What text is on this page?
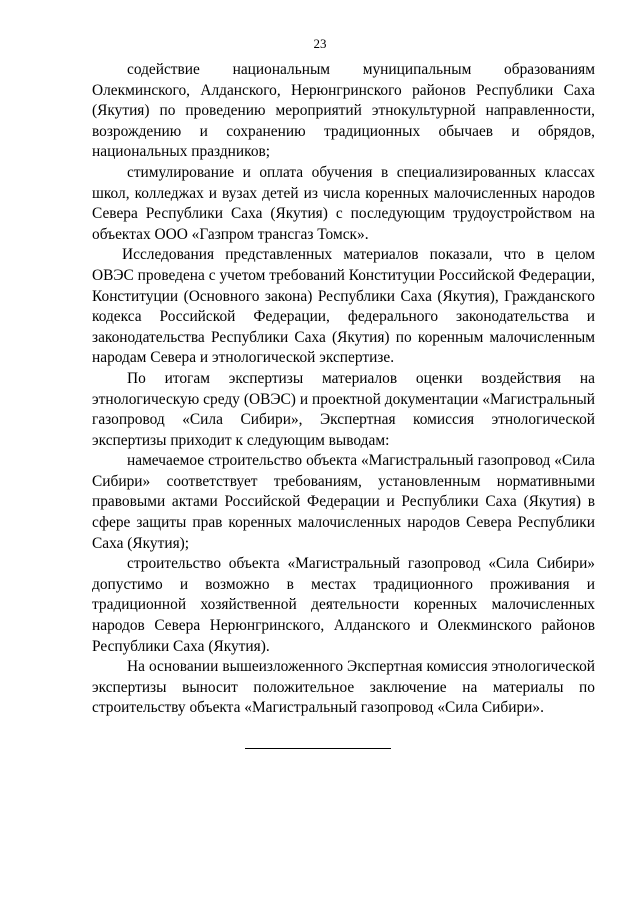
23

содействие национальным муниципальным образованиям Олекминского, Алданского, Нерюнгринского районов Республики Саха (Якутия) по проведению мероприятий этнокультурной направленности, возрождению и сохранению традиционных обычаев и обрядов, национальных праздников;

стимулирование и оплата обучения в специализированных классах школ, колледжах и вузах детей из числа коренных малочисленных народов Севера Республики Саха (Якутия) с последующим трудоустройством на объектах ООО «Газпром трансгаз Томск».

Исследования представленных материалов показали, что в целом ОВЭС проведена с учетом требований Конституции Российской Федерации, Конституции (Основного закона) Республики Саха (Якутия), Гражданского кодекса Российской Федерации, федерального законодательства и законодательства Республики Саха (Якутия) по коренным малочисленным народам Севера и этнологической экспертизе.

По итогам экспертизы материалов оценки воздействия на этнологическую среду (ОВЭС) и проектной документации «Магистральный газопровод «Сила Сибири», Экспертная комиссия этнологической экспертизы приходит к следующим выводам:

намечаемое строительство объекта «Магистральный газопровод «Сила Сибири» соответствует требованиям, установленным нормативными правовыми актами Российской Федерации и Республики Саха (Якутия) в сфере защиты прав коренных малочисленных народов Севера Республики Саха (Якутия);

строительство объекта «Магистральный газопровод «Сила Сибири» допустимо и возможно в местах традиционного проживания и традиционной хозяйственной деятельности коренных малочисленных народов Севера Нерюнгринского, Алданского и Олекминского районов Республики Саха (Якутия).

На основании вышеизложенного Экспертная комиссия этнологической экспертизы выносит положительное заключение на материалы по строительству объекта «Магистральный газопровод «Сила Сибири».
